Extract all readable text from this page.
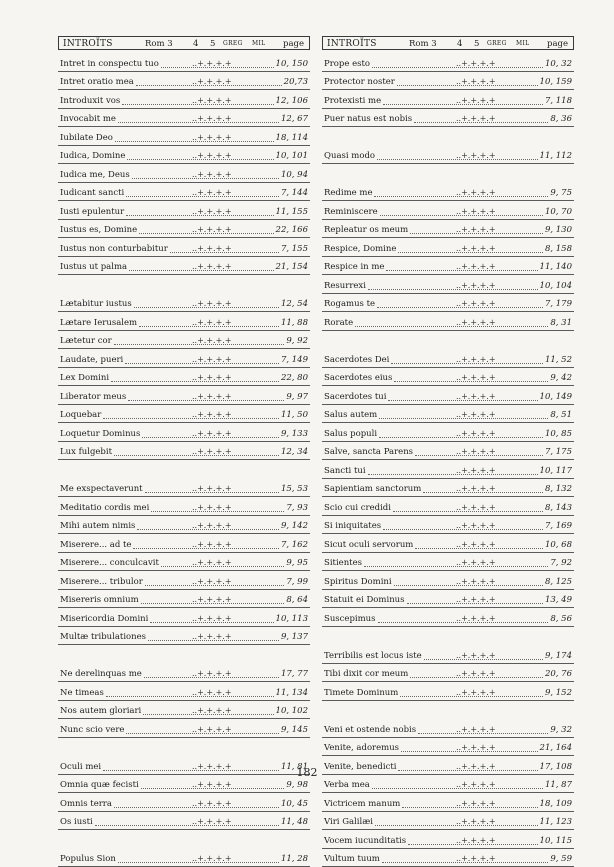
INTROÏTS	Rom 3 4 5 GREG MIL page
Intret in conspectu tuo	..+.+.+.+	10, 150
Intret oratio mea	..+.+.+.+	20,73
Introduxit vos	..+.+.+.+	12, 106
Invocabit me	..+.+.+.+	12, 67
Iubilate Deo	..+.+.+.+	18, 114
Iudica, Domine	..+.+.+.+	10, 101
Iudica me, Deus	..+.+.+.+	10, 94
Iudicant sancti	..+.+.+.+	7, 144
Iusti epulentur	..+.+.+.+	11, 155
Iustus es, Domine	..+.+.+.+	22, 166
Iustus non conturbabitur	..+.+.+.+	7, 155
Iustus ut palma	..+.+.+.+	21, 154
Lætabitur iustus	..+.+.+.+	12, 54
Lætare Ierusalem	..+.+.+.+	11, 88
Lætetur cor	..+.+.+.+	9, 92
Laudate, pueri	..+.+.+.+	7, 149
Lex Domini	..+.+.+.+	22, 80
Liberator meus	..+.+.+.+	9, 97
Loquebar	..+.+.+.+	11, 50
Loquetur Dominus	..+.+.+.+	9, 133
Lux fulgebit	..+.+.+.+	12, 34
Me exspectaverunt	..+.+.+.+	15, 53
Meditatio cordis mei	..+.+.+.+	7, 93
Mihi autem nimis	..+.+.+.+	9, 142
Miserere... ad te	..+.+.+.+	7, 162
Miserere... conculcavit	..+.+.+.+	9, 95
Miserere... tribulor	..+.+.+.+	7, 99
Misereris omnium	..+.+.+.+	8, 64
Misericordia Domini	..+.+.+.+	10, 113
Multæ tribulationes	..+.+.+.+	9, 137
Ne derelinquas me	..+.+.+.+	17, 77
Ne timeas	..+.+.+.+	11, 134
Nos autem gloriari	..+.+.+.+	10, 102
Nunc scio vere	..+.+.+.+	9, 145
Oculi mei	..+.+.+.+	11, 81
Omnia quæ fecisti	..+.+.+.+	9, 98
Omnis terra	..+.+.+.+	10, 45
Os iusti	..+.+.+.+	11, 48
Populus Sion	..+.+.+.+	11, 28
INTROÏTS	Rom 3 4 5 GREG MIL page
Prope esto	..+.+.+.+	10, 32
Protector noster	..+.+.+.+	10, 159
Protexisti me	..+.+.+.+	7, 118
Puer natus est nobis	..+.+.+.+	8, 36
Quasi modo	..+.+.+.+	11, 112
Redime me	..+.+.+.+	9, 75
Reminiscere	..+.+.+.+	10, 70
Repleatur os meum	..+.+.+.+	9, 130
Respice, Domine	..+.+.+.+	8, 158
Respice in me	..+.+.+.+	11, 140
Resurrexi	..+.+.+.+	10, 104
Rogamus te	..+.+.+.+	7, 179
Rorate	..+.+.+.+	8, 31
Sacerdotes Dei	..+.+.+.+	11, 52
Sacerdotes eius	..+.+.+.+	9, 42
Sacerdotes tui	..+.+.+.+	10, 149
Salus autem	..+.+.+.+	8, 51
Salus populi	..+.+.+.+	10, 85
Salve, sancta Parens	..+.+.+.+	7, 175
Sancti tui	..+.+.+.+	10, 117
Sapientiam sanctorum	..+.+.+.+	8, 132
Scio cui credidi	..+.+.+.+	8, 143
Si iniquitates	..+.+.+.+	7, 169
Sicut oculi servorum	..+.+.+.+	10, 68
Sitientes	..+.+.+.+	7, 92
Spiritus Domini	..+.+.+.+	8, 125
Statuit ei Dominus	..+.+.+.+	13, 49
Suscepimus	..+.+.+.+	8, 56
Terribilis est locus iste	..+.+.+.+	9, 174
Tibi dixit cor meum	..+.+.+.+	20, 76
Timete Dominum	..+.+.+.+	9, 152
Veni et ostende nobis	..+.+.+.+	9, 32
Venite, adoremus	..+.+.+.+	21, 164
Venite, benedicti	..+.+.+.+	17, 108
Verba mea	..+.+.+.+	11, 87
Victricem manum	..+.+.+.+	18, 109
Viri Galilæi	..+.+.+.+	11, 123
Vocem iucunditatis	..+.+.+.+	10, 115
Vultum tuum	..+.+.+.+	9, 59
182
